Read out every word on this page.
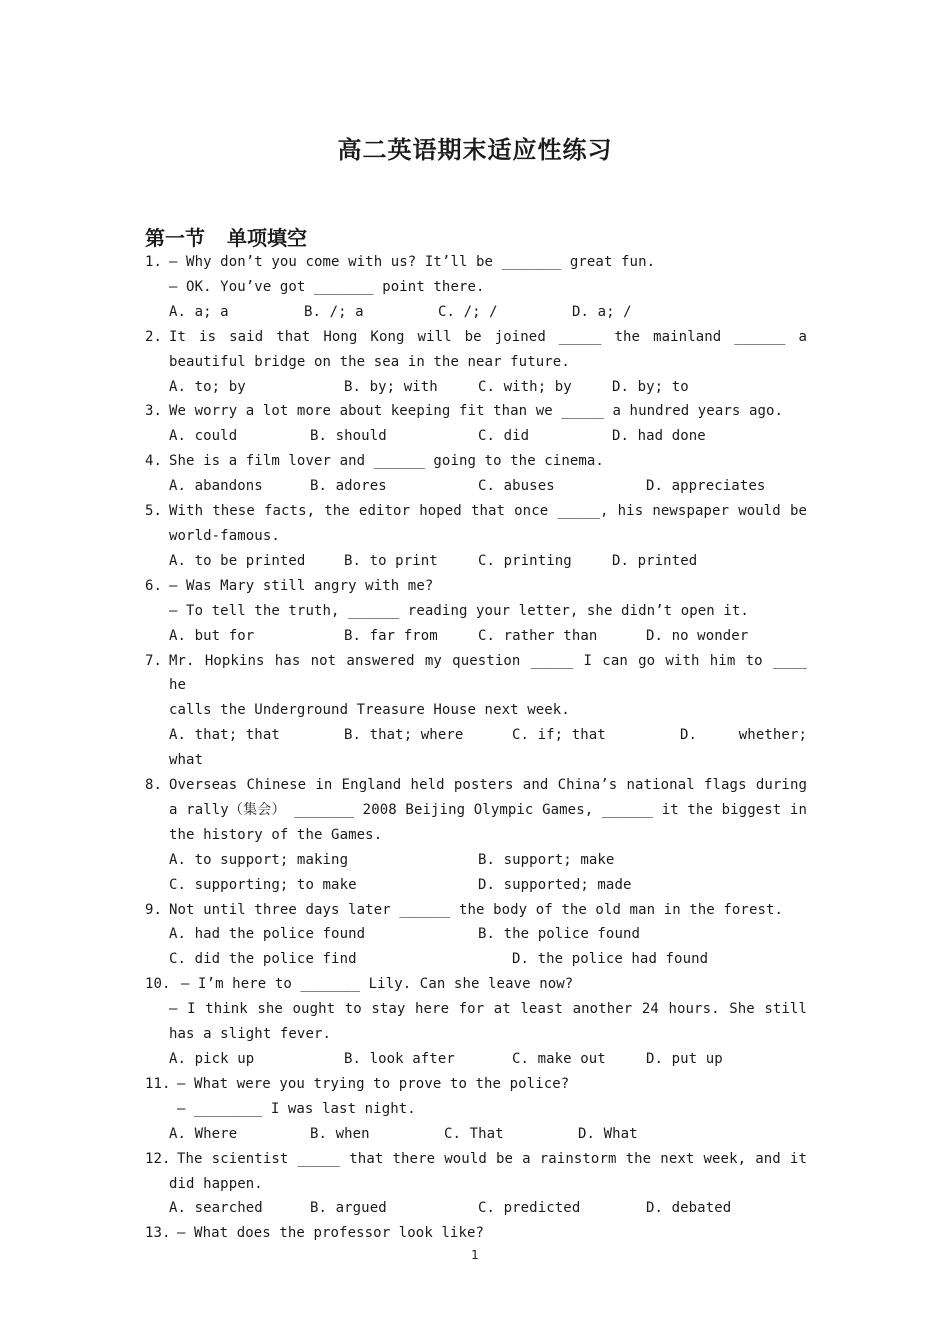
高二英语期末适应性练习
第一节 单项填空
1. — Why don’t you come with us? It’ll be _______ great fun.
— OK. You’ve got _______ point there.
A. a; a	B. /; a	C. /; /	D. a; /
2. It is said that Hong Kong will be joined _____ the mainland ______ a
beautiful bridge on the sea in the near future.
A. to; by	B. by; with	C. with; by	D. by; to
3. We worry a lot more about keeping fit than we _____ a hundred years ago.
A. could	B. should	C. did	D. had done
4. She is a film lover and ______ going to the cinema.
A. abandons	B. adores	C. abuses	D. appreciates
5. With these facts, the editor hoped that once _____, his newspaper would be
world-famous.
A. to be printed	B. to print	C. printing	D. printed
6. — Was Mary still angry with me?
— To tell the truth, ______ reading your letter, she didn’t open it.
A. but for	B. far from	C. rather than	D. no wonder
7. Mr. Hopkins has not answered my question _____ I can go with him to ____ he
calls the Underground Treasure House next week.
A. that; that	B. that; where	C. if; that	D.	whether;
what
8. Overseas Chinese in England held posters and China’s national flags during
a rally（集会） _______ 2008 Beijing Olympic Games, ______ it the biggest in
the history of the Games.
A. to support; making	B. support; make
C. supporting; to make	D. supported; made
9. Not until three days later ______ the body of the old man in the forest.
A. had the police found	B. the police found
C. did the police find	D. the police had found
10. — I’m here to _______ Lily. Can she leave now?
— I think she ought to stay here for at least another 24 hours. She still
has a slight fever.
A. pick up	B. look after	C. make out	D. put up
11. — What were you trying to prove to the police?
— ________ I was last night.
A. Where	B. when	C. That	D. What
12. The scientist _____ that there would be a rainstorm the next week, and it
did happen.
A. searched	B. argued	C. predicted	D. debated
13. — What does the professor look like?
1
